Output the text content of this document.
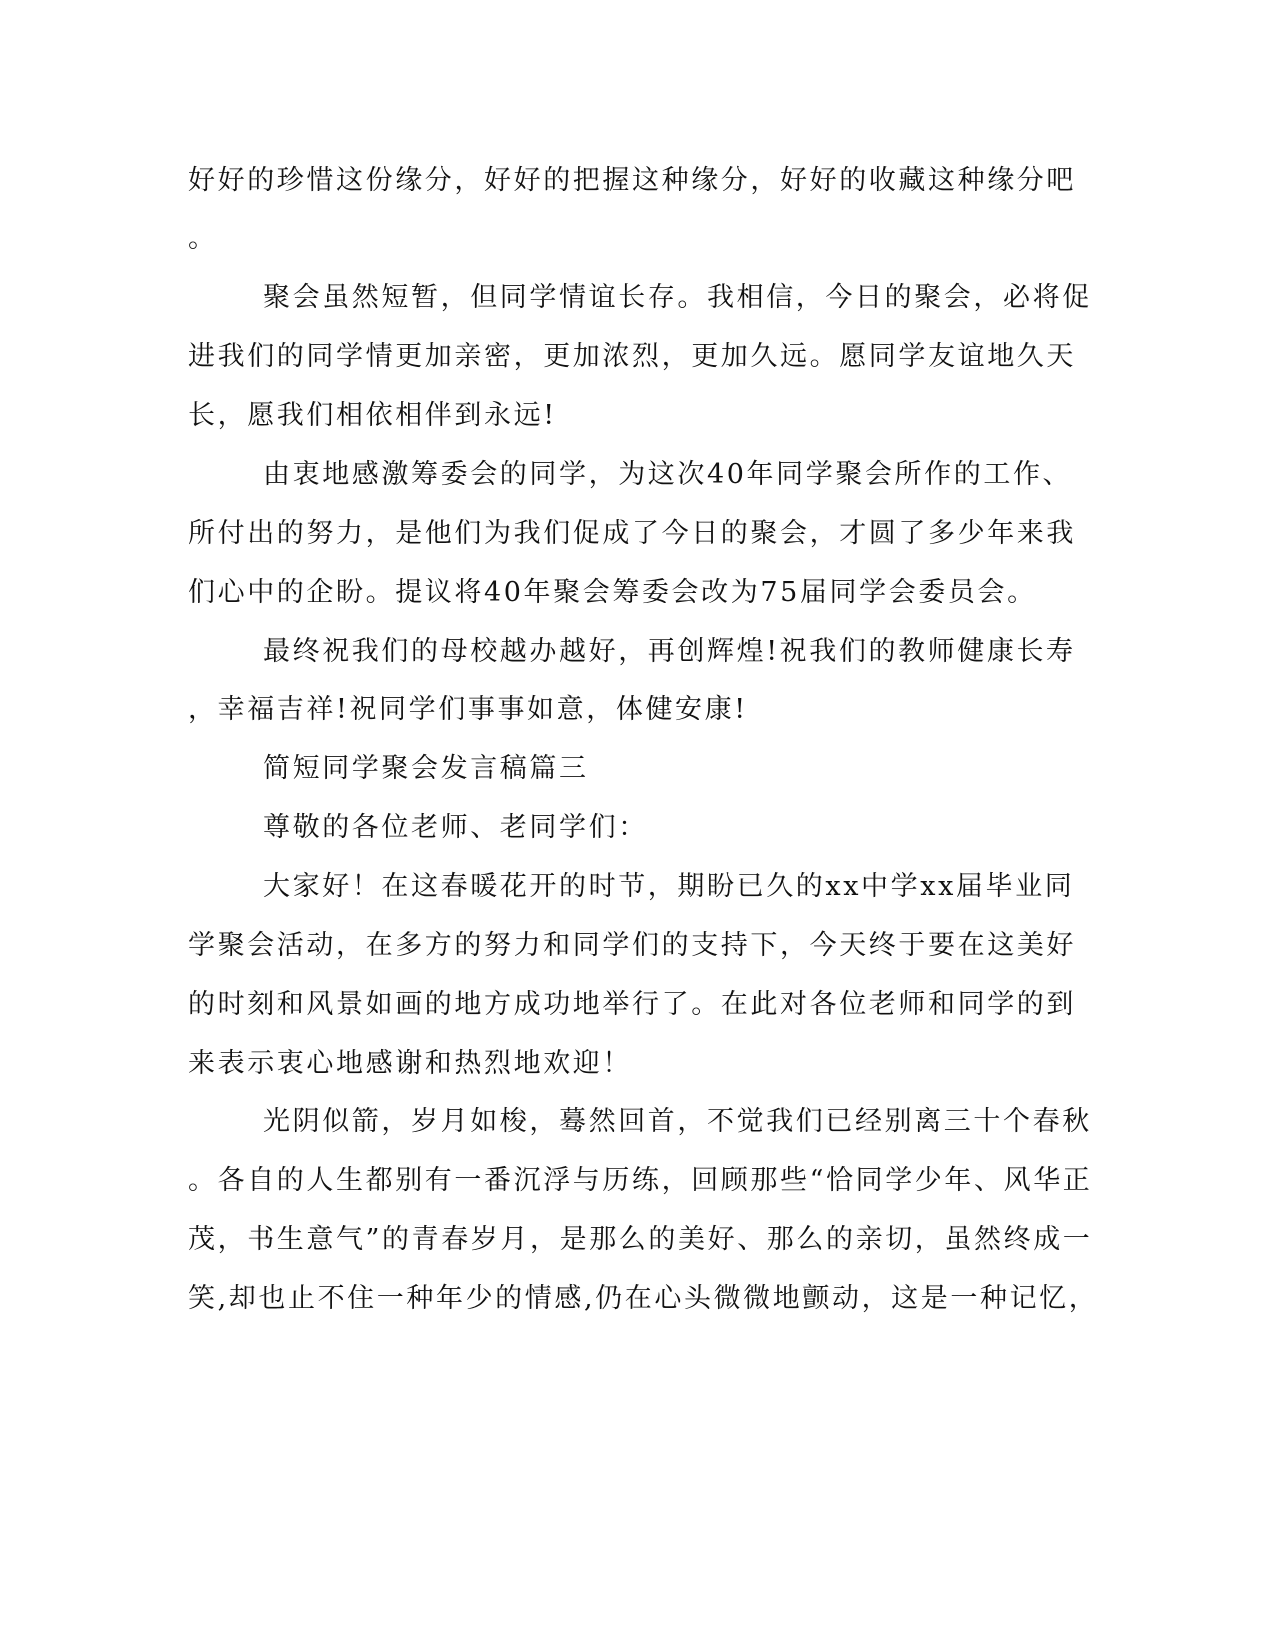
好好的珍惜这份缘分，好好的把握这种缘分，好好的收藏这种缘分吧

。

聚会虽然短暂，但同学情谊长存。我相信，今日的聚会，必将促

进我们的同学情更加亲密，更加浓烈，更加久远。愿同学友谊地久天

长，愿我们相依相伴到永远!

由衷地感激筹委会的同学，为这次40年同学聚会所作的工作、

所付出的努力，是他们为我们促成了今日的聚会，才圆了多少年来我

们心中的企盼。提议将40年聚会筹委会改为75届同学会委员会。

最终祝我们的母校越办越好，再创辉煌!祝我们的教师健康长寿

，幸福吉祥!祝同学们事事如意，体健安康!

简短同学聚会发言稿篇三

尊敬的各位老师、老同学们：

大家好！在这春暖花开的时节，期盼已久的xx中学xx届毕业同

学聚会活动，在多方的努力和同学们的支持下，今天终于要在这美好

的时刻和风景如画的地方成功地举行了。在此对各位老师和同学的到

来表示衷心地感谢和热烈地欢迎！

光阴似箭，岁月如梭，蓦然回首，不觉我们已经别离三十个春秋

。各自的人生都别有一番沉浮与历练，回顾那些“恰同学少年、风华正

茂，书生意气”的青春岁月，是那么的美好、那么的亲切，虽然终成一

笑,却也止不住一种年少的情感,仍在心头微微地颤动，这是一种记忆，
